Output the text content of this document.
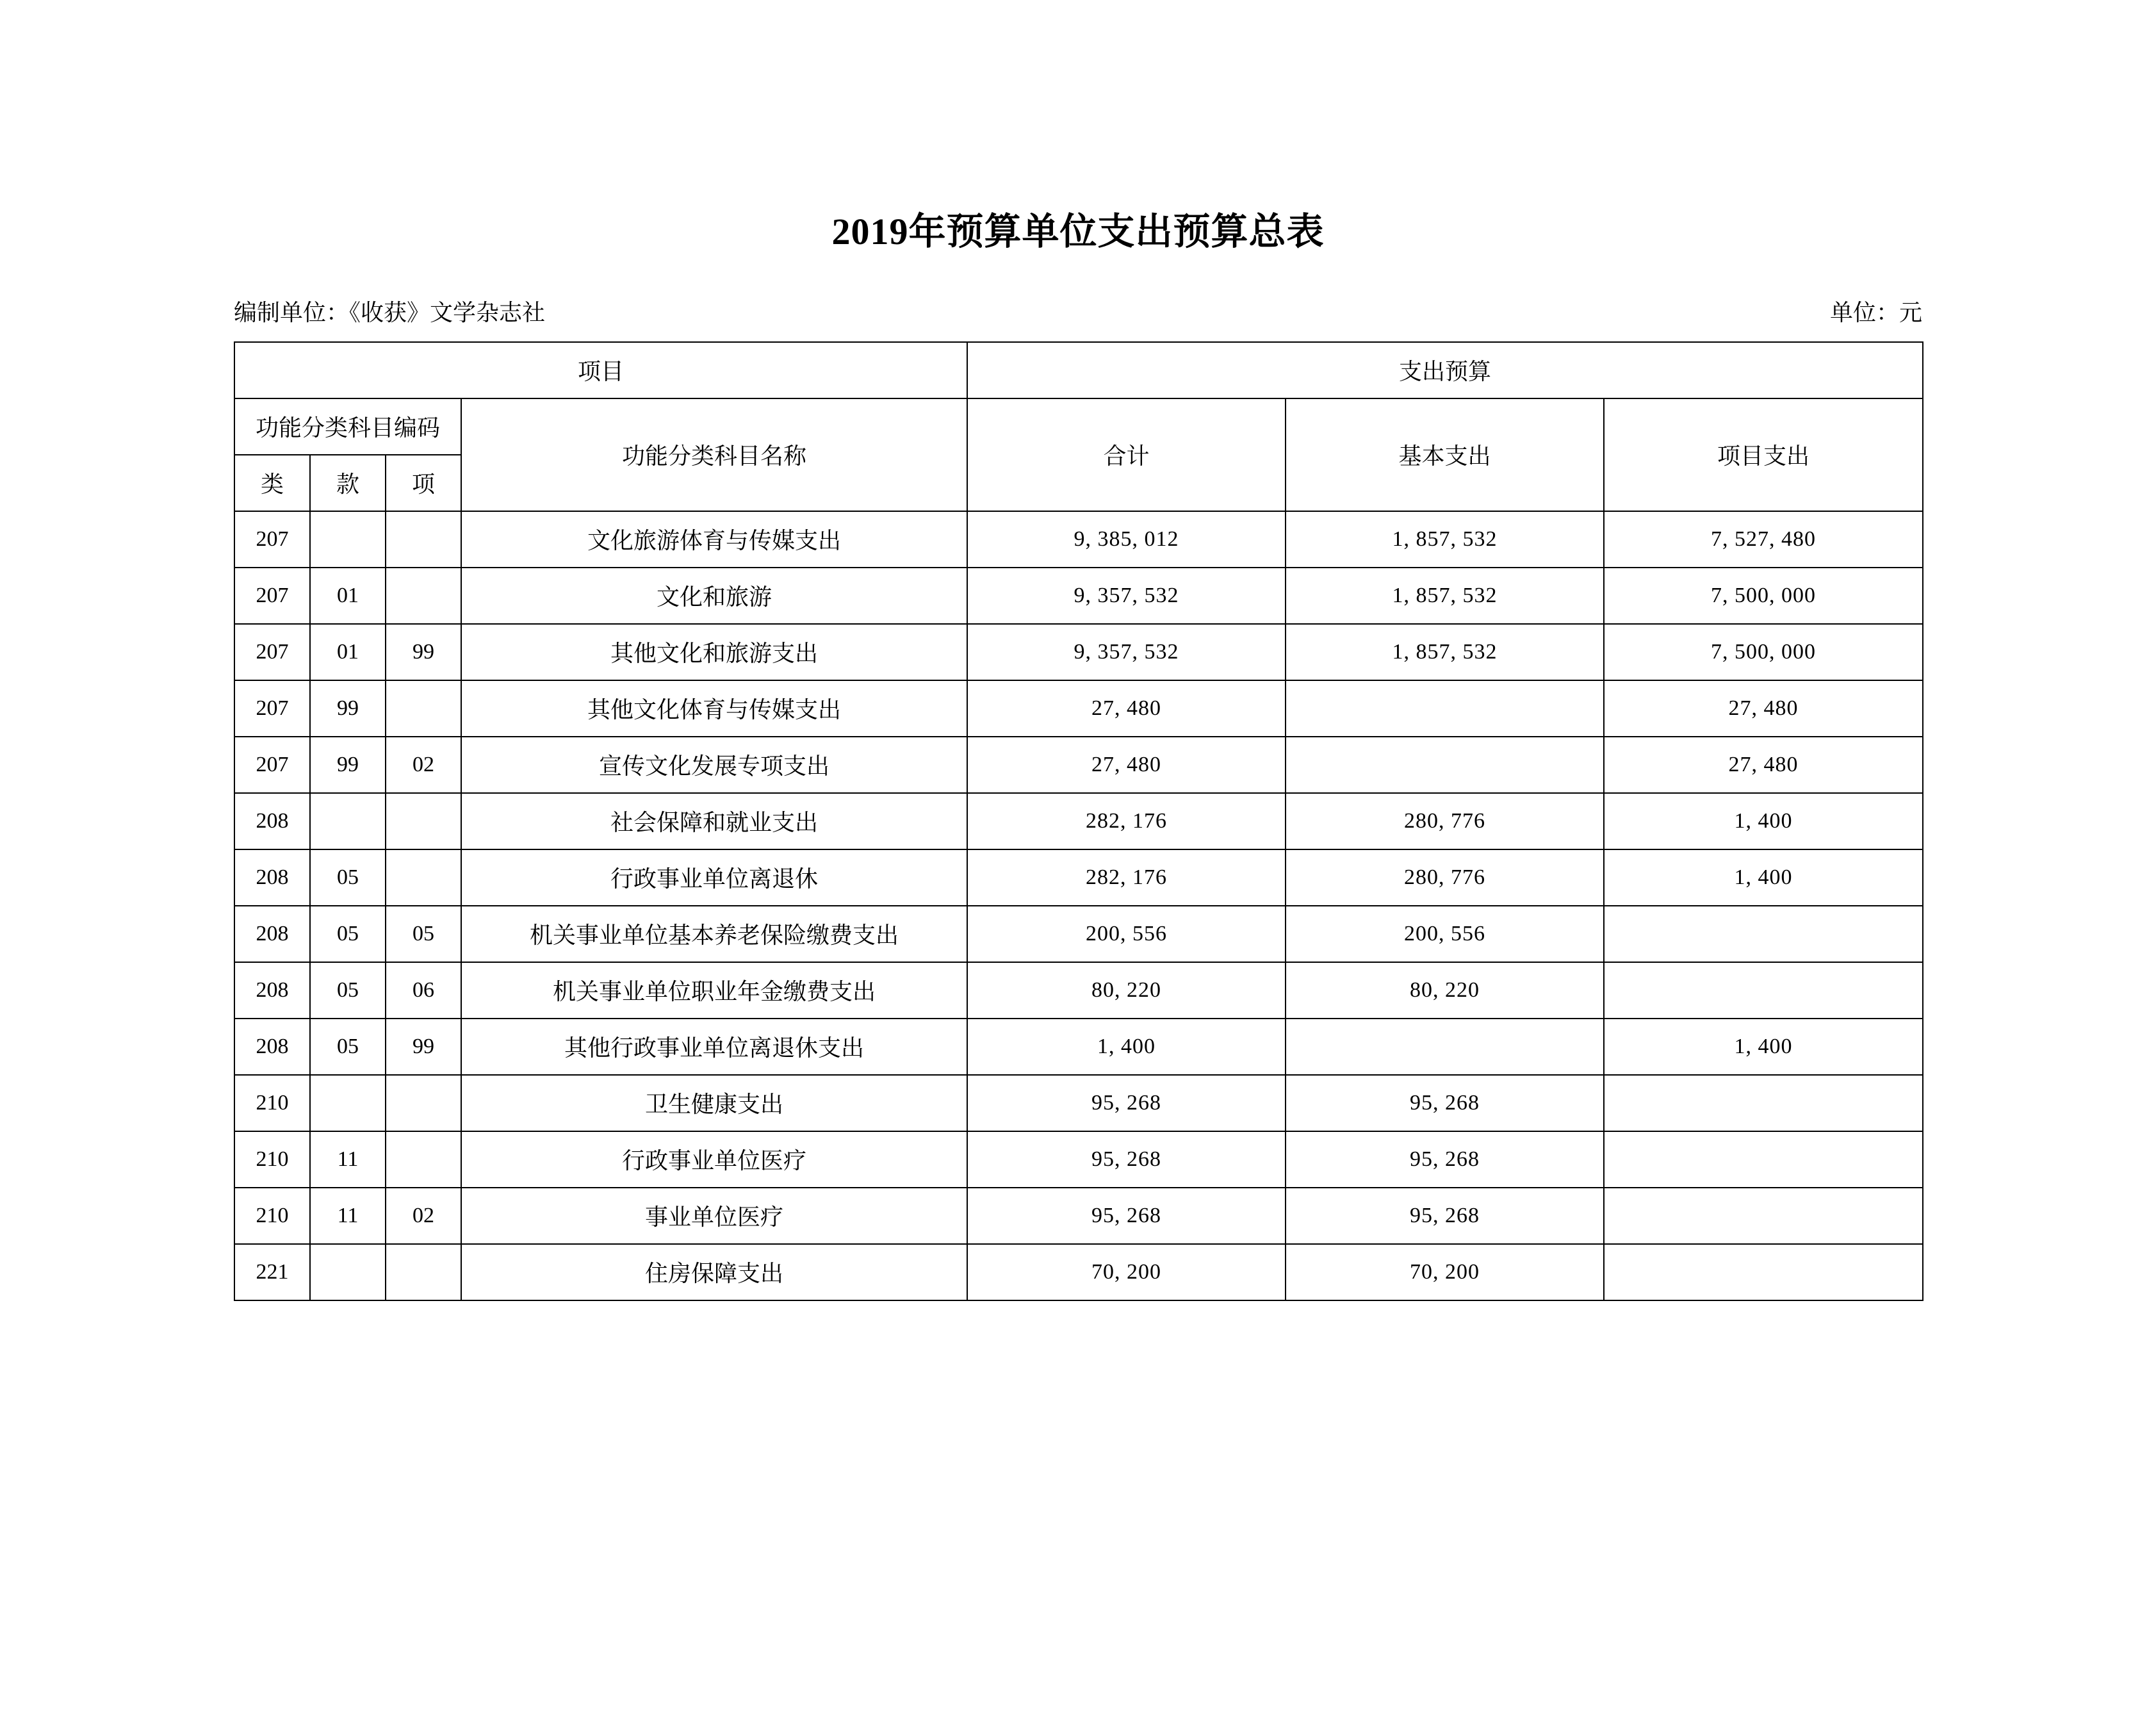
2019年预算单位支出预算总表
编制单位：《收获》文学杂志社	单位：元
项目				支出预算		
功能分类科目编码			功能分类科目名称	合计	基本支出	项目支出
类	款	项				
207			文化旅游体育与传媒支出	9, 385, 012	1, 857, 532	7, 527, 480
207	01		文化和旅游	9, 357, 532	1, 857, 532	7, 500, 000
207	01	99	其他文化和旅游支出	9, 357, 532	1, 857, 532	7, 500, 000
207	99		其他文化体育与传媒支出	27, 480		27, 480
207	99	02	宣传文化发展专项支出	27, 480		27, 480
208			社会保障和就业支出	282, 176	280, 776	1, 400
208	05		行政事业单位离退休	282, 176	280, 776	1, 400
208	05	05	机关事业单位基本养老保险缴费支出	200, 556	200, 556	
208	05	06	机关事业单位职业年金缴费支出	80, 220	80, 220	
208	05	99	其他行政事业单位离退休支出	1, 400		1, 400
210			卫生健康支出	95, 268	95, 268	
210	11		行政事业单位医疗	95, 268	95, 268	
210	11	02	事业单位医疗	95, 268	95, 268	
221			住房保障支出	70, 200	70, 200	
